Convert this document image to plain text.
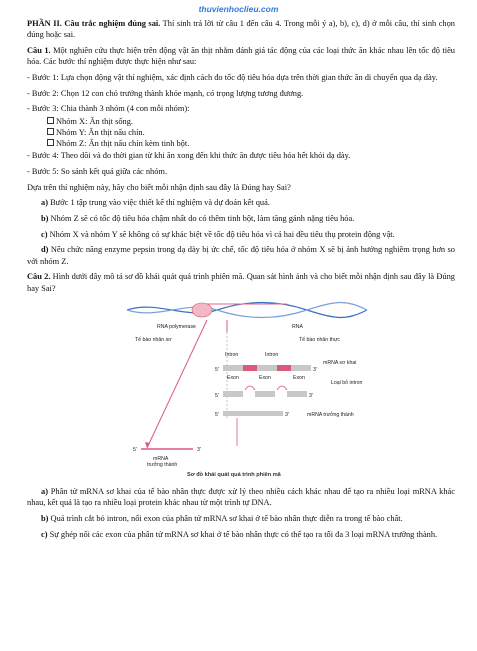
thuvienhoclieu.com

PHẦN II. Câu trắc nghiệm đúng sai. Thí sinh trả lời từ câu 1 đến câu 4. Trong mỗi ý a), b), c), d) ở mỗi câu, thí sinh chọn đúng hoặc sai.

Câu 1. Một nghiên cứu thực hiện trên động vật ăn thịt nhằm đánh giá tác động của các loại thức ăn khác nhau lên tốc độ tiêu hóa. Các bước thí nghiệm được thực hiện như sau:

- Bước 1: Lựa chọn động vật thí nghiệm, xác định cách đo tốc độ tiêu hóa dựa trên thời gian thức ăn di chuyển qua dạ dày.

- Bước 2: Chọn 12 con chó trưởng thành khỏe mạnh, có trọng lượng tương đương.

- Bước 3: Chia thành 3 nhóm (4 con mỗi nhóm):

Nhóm X: Ăn thịt sống.

Nhóm Y: Ăn thịt nấu chín.

Nhóm Z: Ăn thịt nấu chín kèm tinh bột.

- Bước 4: Theo dõi và đo thời gian từ khi ăn xong đến khi thức ăn được tiêu hóa hết khỏi dạ dày.

- Bước 5: So sánh kết quả giữa các nhóm.

Dựa trên thí nghiệm này, hãy cho biết mỗi nhận định sau đây là Đúng hay Sai?

a) Bước 1 tập trung vào việc thiết kế thí nghiệm và dự đoán kết quả.

b) Nhóm Z sẽ có tốc độ tiêu hóa chậm nhất do có thêm tinh bột, làm tăng gánh nặng tiêu hóa.

c) Nhóm X và nhóm Y sẽ không có sự khác biệt về tốc độ tiêu hóa vì cả hai đều tiêu thụ protein động vật.

d) Nếu chức năng enzyme pepsin trong dạ dày bị ức chế, tốc độ tiêu hóa ở nhóm X sẽ bị ảnh hưởng nghiêm trọng hơn so với nhóm Z.

Câu 2. Hình dưới đây mô tả sơ đồ khái quát quá trình phiên mã. Quan sát hình ảnh và cho biết mỗi nhận định sau đây là Đúng hay Sai?

RNA polymerase	RNA
Tế bào nhân sơ	Tế bào nhân thực
Intron	Intron
5'	3'
mRNA sơ khai
Exon	Exon	Exon
5'	3'
Loại bỏ intron
5'	3'	mRNA trưởng thành
5'	3'
mRNA
trưởng thành
Sơ đồ khái quát quá trình phiên mã

a) Phân tử mRNA sơ khai của tế bào nhân thực được xử lý theo nhiều cách khác nhau để tạo ra nhiều loại mRNA khác nhau, kết quả là tạo ra nhiều loại protein khác nhau từ một trình tự DNA.

b) Quá trình cắt bỏ intron, nối exon của phân tử mRNA sơ khai ở tế bào nhân thực diễn ra trong tế bào chất.

c) Sự ghép nối các exon của phân tử mRNA sơ khai ở tế bào nhân thực có thể tạo ra tối đa 3 loại mRNA trưởng thành.
